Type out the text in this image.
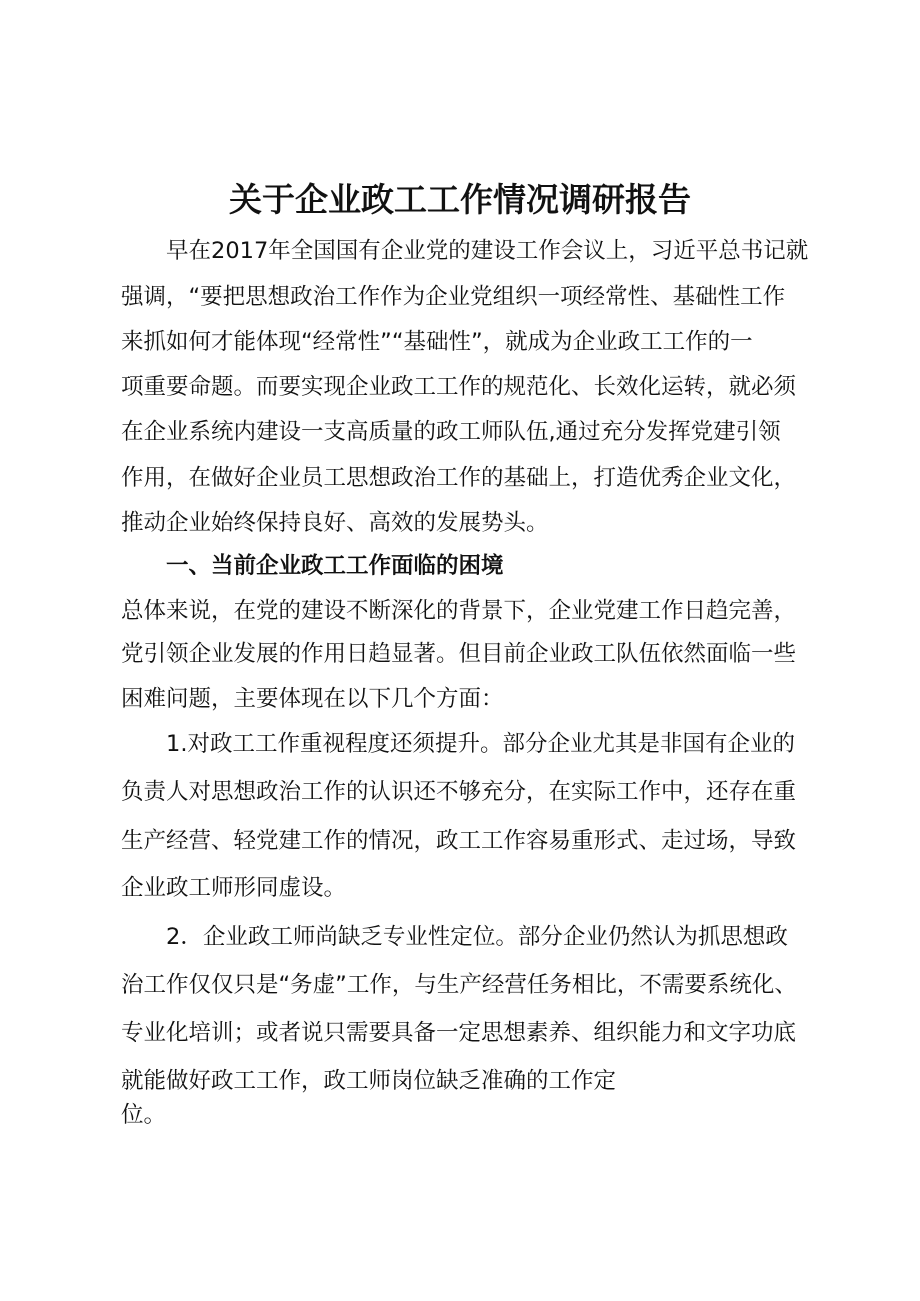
关于企业政工工作情况调研报告

早在2017年全国国有企业党的建设工作会议上，习近平总书记就

强调，“要把思想政治工作作为企业党组织一项经常性、基础性工作

来抓如何才能体现“经常性”“基础性”，就成为企业政工工作的一

项重要命题。而要实现企业政工工作的规范化、长效化运转，就必须

在企业系统内建设一支高质量的政工师队伍,通过充分发挥党建引领

作用，在做好企业员工思想政治工作的基础上，打造优秀企业文化，

推动企业始终保持良好、高效的发展势头。

一、当前企业政工工作面临的困境

总体来说，在党的建设不断深化的背景下，企业党建工作日趋完善，

党引领企业发展的作用日趋显著。但目前企业政工队伍依然面临一些

困难问题，主要体现在以下几个方面：

1.对政工工作重视程度还须提升。部分企业尤其是非国有企业的

负责人对思想政治工作的认识还不够充分，在实际工作中，还存在重

生产经营、轻党建工作的情况，政工工作容易重形式、走过场，导致

企业政工师形同虚设。

2．企业政工师尚缺乏专业性定位。部分企业仍然认为抓思想政

治工作仅仅只是“务虚”工作，与生产经营任务相比，不需要系统化、

专业化培训；或者说只需要具备一定思想素养、组织能力和文字功底

就能做好政工工作，政工师岗位缺乏准确的工作定

位。
